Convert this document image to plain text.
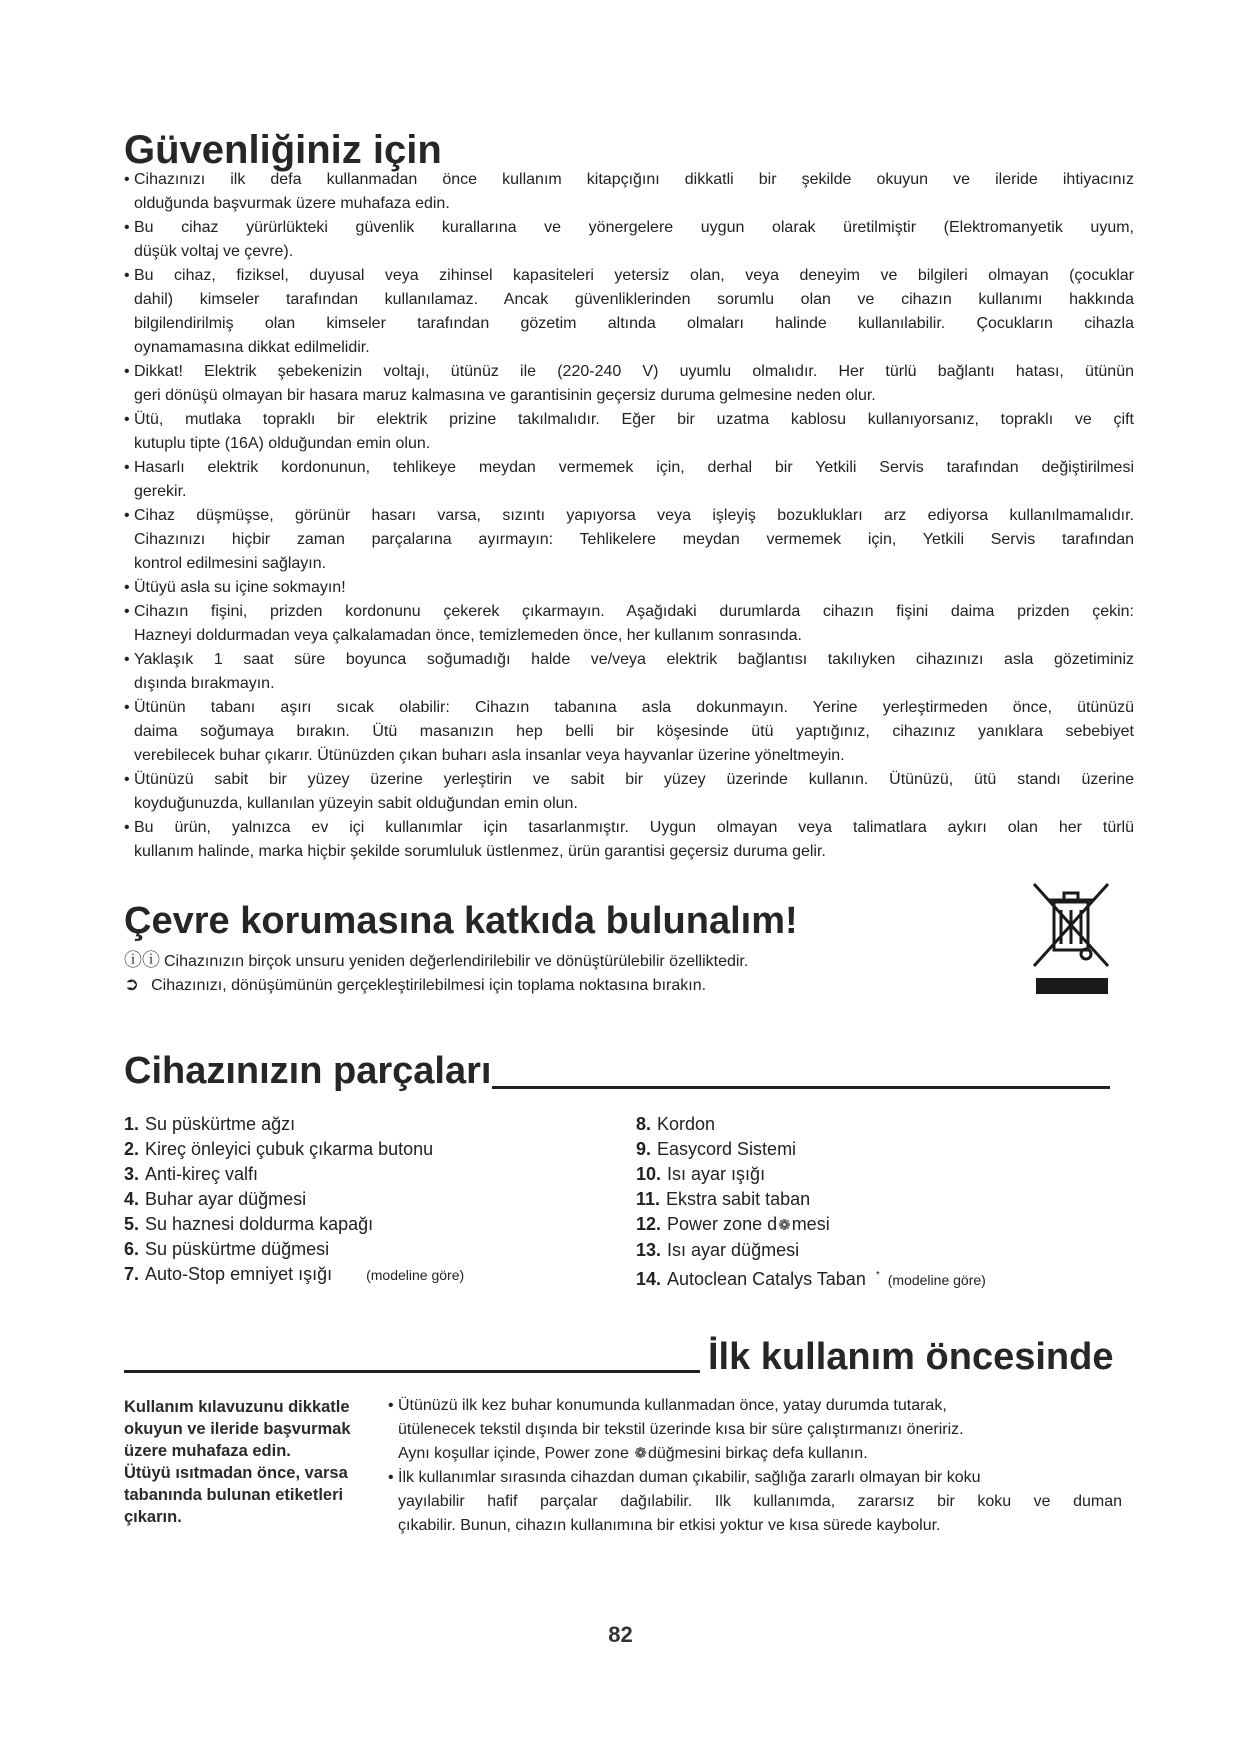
Güvenliğiniz için
• Cihazınızı ilk defa kullanmadan önce kullanım kitapçığını dikkatli bir şekilde okuyun ve ileride ihtiyacınız
olduğunda başvurmak üzere muhafaza edin.
• Bu cihaz yürürlükteki güvenlik kurallarına ve yönergelere uygun olarak üretilmiştir (Elektromanyetik uyum,
düşük voltaj ve çevre).
• Bu cihaz, fiziksel, duyusal veya zihinsel kapasiteleri yetersiz olan, veya deneyim ve bilgileri olmayan (çocuklar
dahil) kimseler tarafından kullanılamaz. Ancak güvenliklerinden sorumlu olan ve cihazın kullanımı hakkında
bilgilendirilmiş olan kimseler tarafından gözetim altında olmaları halinde kullanılabilir. Çocukların cihazla
oynamamasına dikkat edilmelidir.
• Dikkat! Elektrik şebekenizin voltajı, ütünüz ile (220-240 V) uyumlu olmalıdır. Her türlü bağlantı hatası, ütünün
geri dönüşü olmayan bir hasara maruz kalmasına ve garantisinin geçersiz duruma gelmesine neden olur.
• Ütü, mutlaka topraklı bir elektrik prizine takılmalıdır. Eğer bir uzatma kablosu kullanıyorsanız, topraklı ve çift
kutuplu tipte (16A) olduğundan emin olun.
• Hasarlı elektrik kordonunun, tehlikeye meydan vermemek için, derhal bir Yetkili Servis tarafından değiştirilmesi
gerekir.
• Cihaz düşmüşse, görünür hasarı varsa, sızıntı yapıyorsa veya işleyiş bozuklukları arz ediyorsa kullanılmamalıdır.
Cihazınızı hiçbir zaman parçalarına ayırmayın: Tehlikelere meydan vermemek için, Yetkili Servis tarafından
kontrol edilmesini sağlayın.
• Ütüyü asla su içine sokmayın!
• Cihazın fişini, prizden kordonunu çekerek çıkarmayın. Aşağıdaki durumlarda cihazın fişini daima prizden çekin:
Hazneyi doldurmadan veya çalkalamadan önce, temizlemeden önce, her kullanım sonrasında.
• Yaklaşık 1 saat süre boyunca soğumadığı halde ve/veya elektrik bağlantısı takılıyken cihazınızı asla gözetiminiz
dışında bırakmayın.
• Ütünün tabanı aşırı sıcak olabilir: Cihazın tabanına asla dokunmayın. Yerine yerleştirmeden önce, ütünüzü
daima soğumaya bırakın. Ütü masanızın hep belli bir köşesinde ütü yaptığınız, cihazınız yanıklara sebebiyet
verebilecek buhar çıkarır. Ütünüzden çıkan buharı asla insanlar veya hayvanlar üzerine yöneltmeyin.
• Ütünüzü sabit bir yüzey üzerine yerleştirin ve sabit bir yüzey üzerinde kullanın. Ütünüzü, ütü standı üzerine
koyduğunuzda, kullanılan yüzeyin sabit olduğundan emin olun.
• Bu ürün, yalnızca ev içi kullanımlar için tasarlanmıştır. Uygun olmayan veya talimatlara aykırı olan her türlü
kullanım halinde, marka hiçbir şekilde sorumluluk üstlenmez, ürün garantisi geçersiz duruma gelir.
Çevre korumasına katkıda bulunalım!
ⓘⓘ Cihazınızın birçok unsuru yeniden değerlendirilebilir ve dönüştürülebilir özelliktedir.
➲ Cihazınızı, dönüşümünün gerçekleştirilebilmesi için toplama noktasına bırakın.
Cihazınızın parçaları
1. Su püskürtme ağzı
2. Kireç önleyici çubuk çıkarma butonu
3. Anti-kireç valfı
4. Buhar ayar düğmesi
5. Su haznesi doldurma kapağı
6. Su püskürtme düğmesi
7. Auto-Stop emniyet ışığı (modeline göre)
8. Kordon
9. Easycord Sistemi
10. Isı ayar ışığı
11. Ekstra sabit taban
12. Power zone d❁mesi
13. Isı ayar düğmesi
14. Autoclean Catalys Taban * (modeline göre)
İlk kullanım öncesinde

Kullanım kılavuzunu dikkatle okuyun ve ileride başvurmak üzere muhafaza edin.

Ütüyü ısıtmadan önce, varsa tabanında bulunan etiketleri çıkarın.

• Ütünüzü ilk kez buhar konumunda kullanmadan önce, yatay durumda tutarak,
ütülenecek tekstil dışında bir tekstil üzerinde kısa bir süre çalıştırmanızı öneririz.
Aynı koşullar içinde, Power zone ❁düğmesini birkaç defa kullanın.
• İlk kullanımlar sırasında cihazdan duman çıkabilir, sağlığa zararlı olmayan bir koku
yayılabilir hafif parçalar dağılabilir. Ilk kullanımda, zararsız bir koku ve duman
çıkabilir. Bunun, cihazın kullanımına bir etkisi yoktur ve kısa sürede kaybolur.
82
